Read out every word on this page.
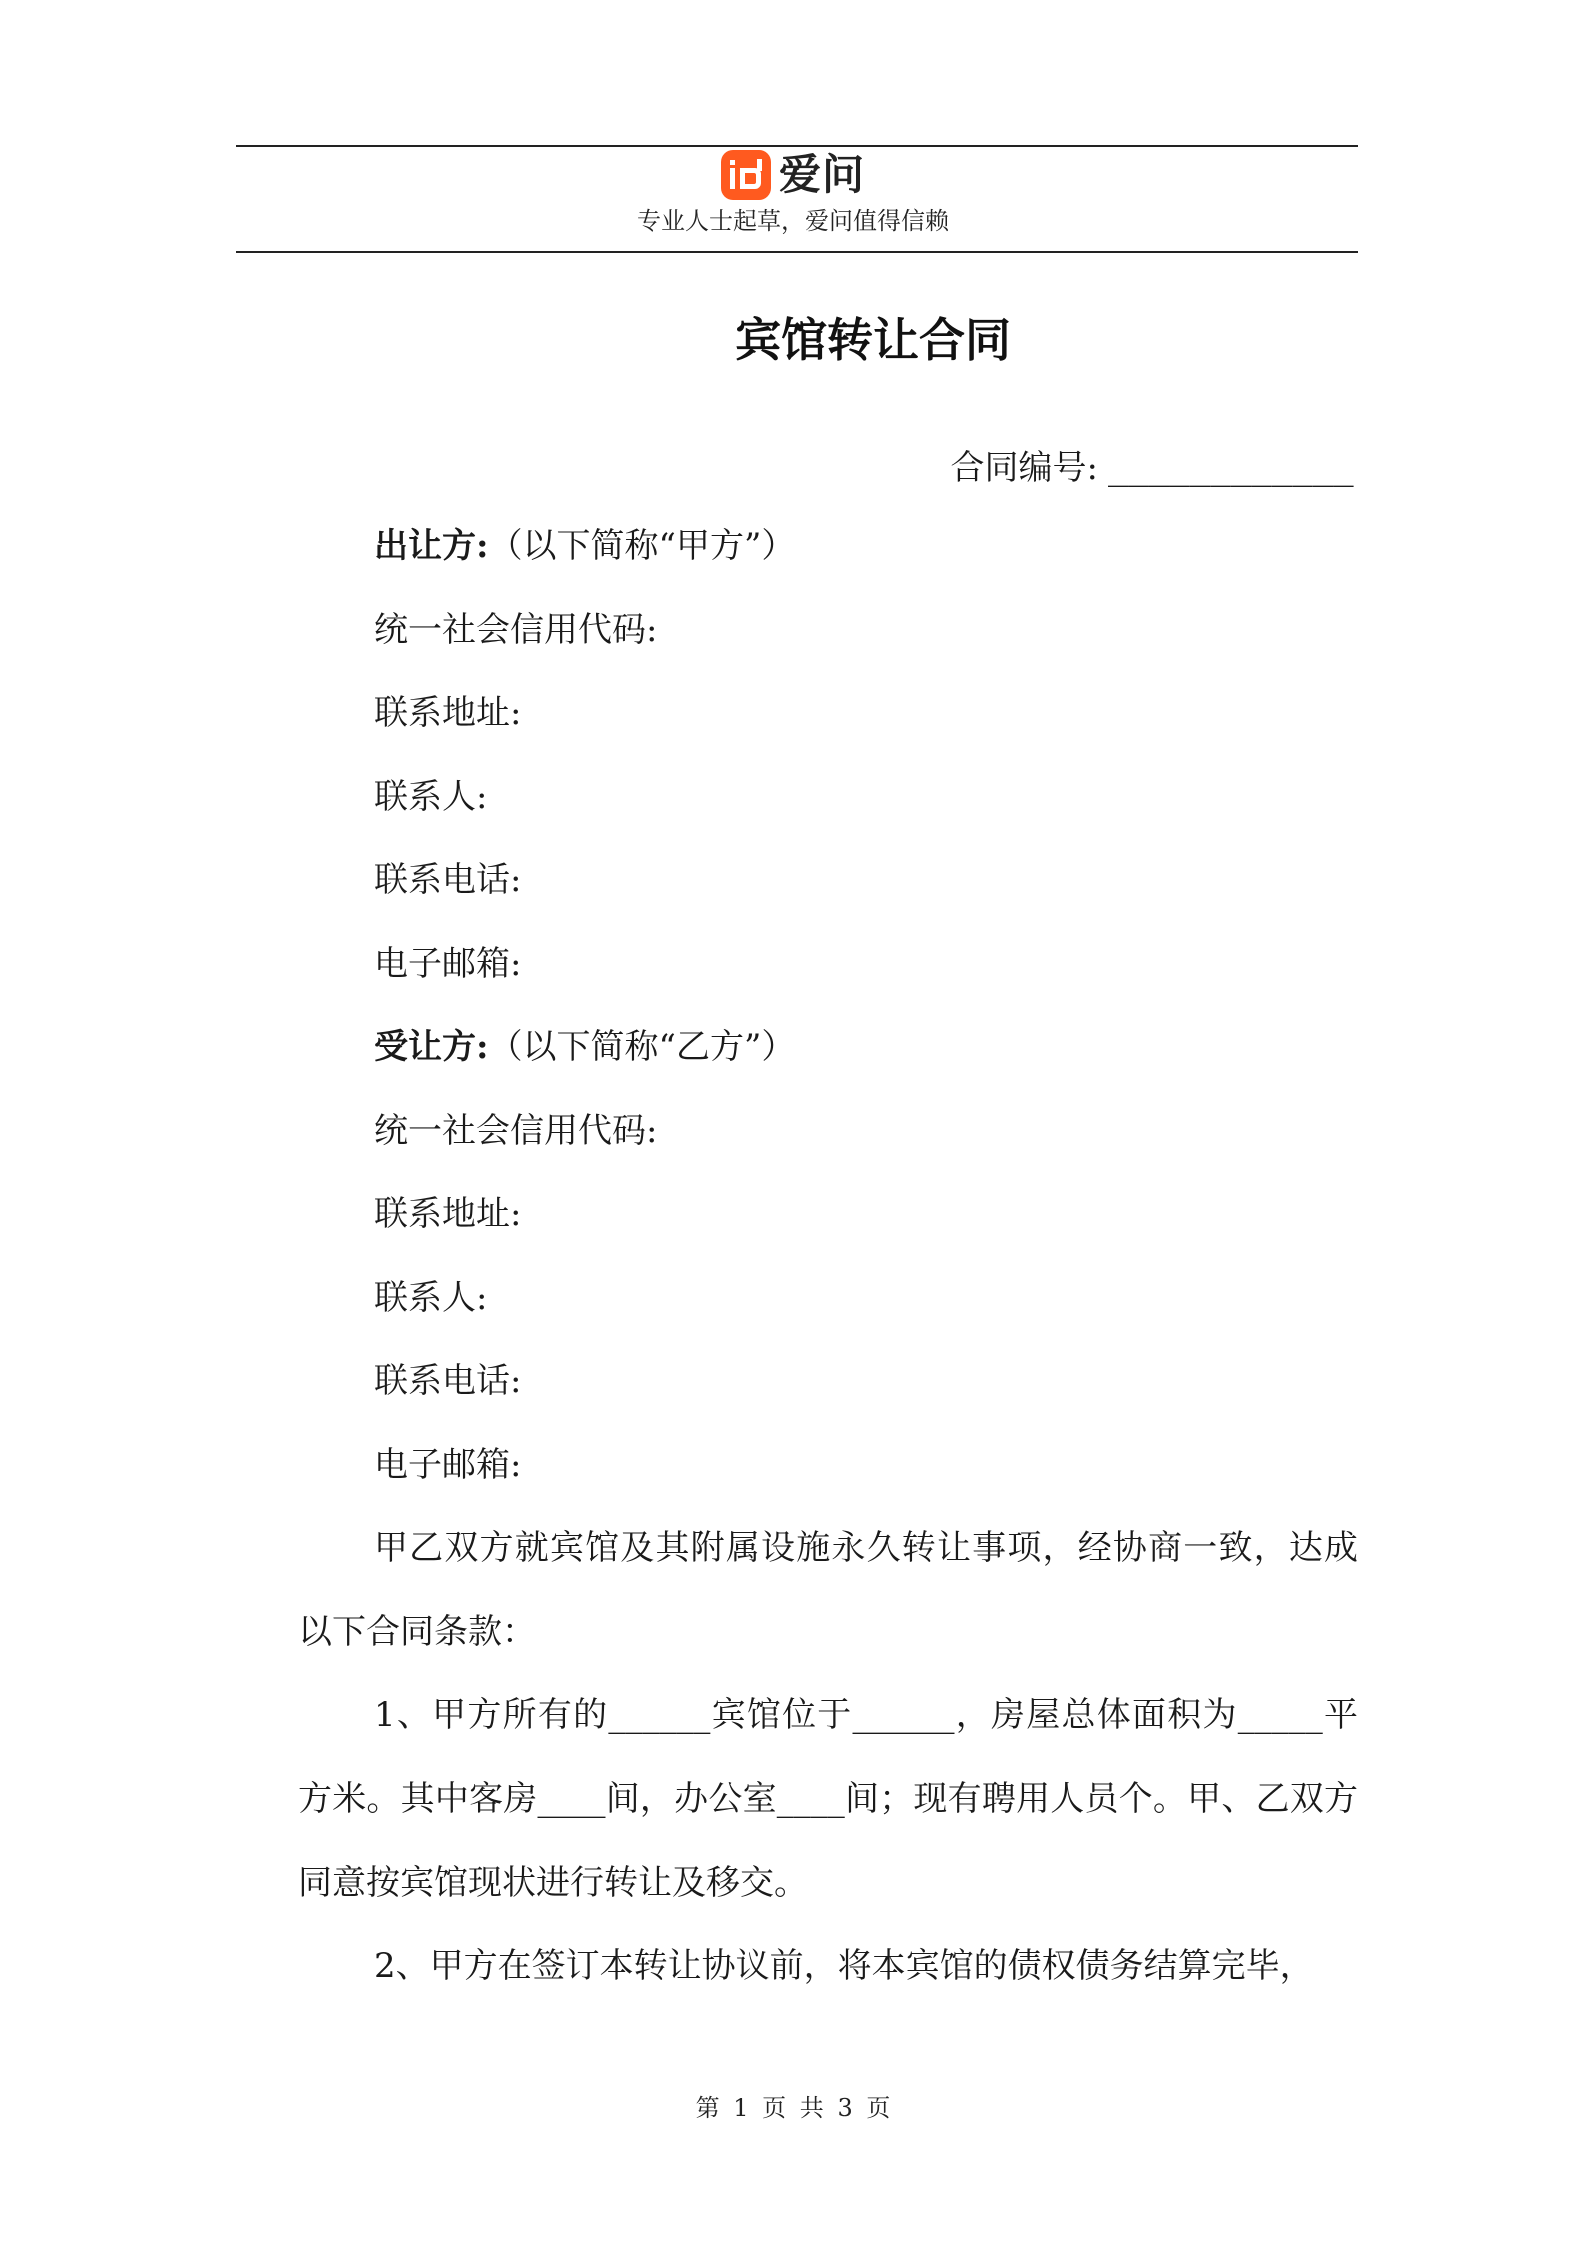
爱问
专业人士起草，爱问值得信赖
宾馆转让合同
合同编号: ____________
出让方:（以下简称“甲方”）
统一社会信用代码:
联系地址:
联系人:
联系电话:
电子邮箱:
受让方:（以下简称“乙方”）
统一社会信用代码:
联系地址:
联系人:
联系电话:
电子邮箱:

甲乙双方就宾馆及其附属设施永久转让事项，经协商一致，达成以下合同条款：

1、甲方所有的______宾馆位于______，房屋总体面积为_____平方米。其中客房____间，办公室____间；现有聘用人员个。甲、乙双方同意按宾馆现状进行转让及移交。

2、甲方在签订本转让协议前，将本宾馆的债权债务结算完毕，

第 1 页 共 3 页
